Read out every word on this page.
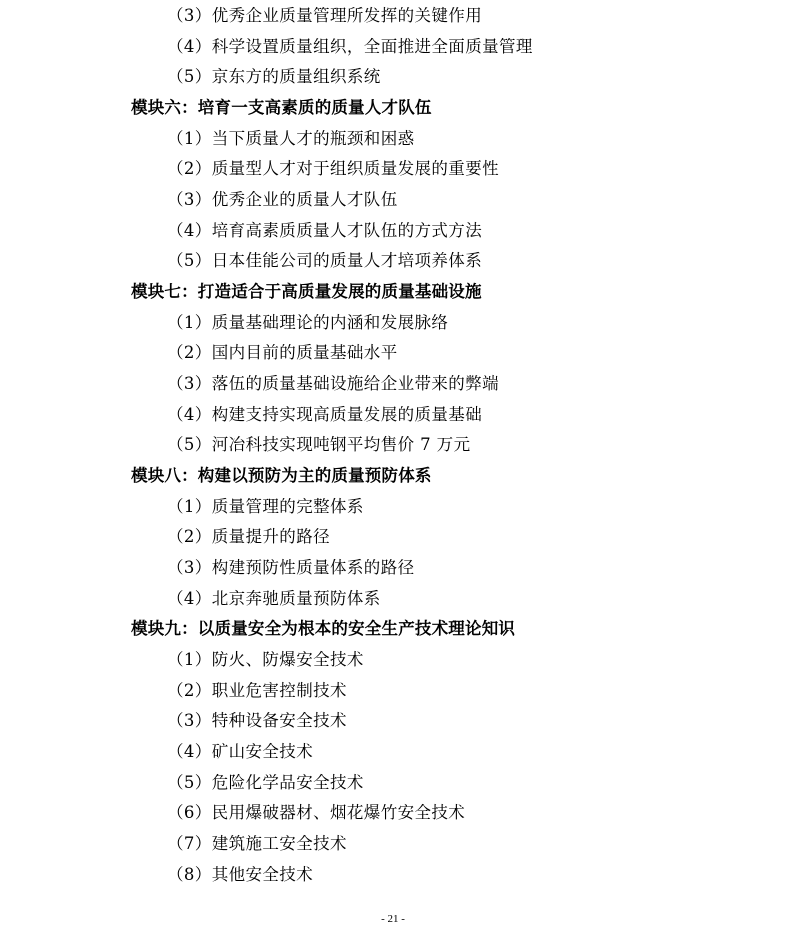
（3）优秀企业质量管理所发挥的关键作用
（4）科学设置质量组织，全面推进全面质量管理
（5）京东方的质量组织系统
模块六：培育一支高素质的质量人才队伍
（1）当下质量人才的瓶颈和困惑
（2）质量型人才对于组织质量发展的重要性
（3）优秀企业的质量人才队伍
（4）培育高素质质量人才队伍的方式方法
（5）日本佳能公司的质量人才培项养体系
模块七：打造适合于高质量发展的质量基础设施
（1）质量基础理论的内涵和发展脉络
（2）国内目前的质量基础水平
（3）落伍的质量基础设施给企业带来的弊端
（4）构建支持实现高质量发展的质量基础
（5）河冶科技实现吨钢平均售价 7 万元
模块八：构建以预防为主的质量预防体系
（1）质量管理的完整体系
（2）质量提升的路径
（3）构建预防性质量体系的路径
（4）北京奔驰质量预防体系
模块九：以质量安全为根本的安全生产技术理论知识
（1）防火、防爆安全技术
（2）职业危害控制技术
（3）特种设备安全技术
（4）矿山安全技术
（5）危险化学品安全技术
（6）民用爆破器材、烟花爆竹安全技术
（7）建筑施工安全技术
（8）其他安全技术
- 21 -
